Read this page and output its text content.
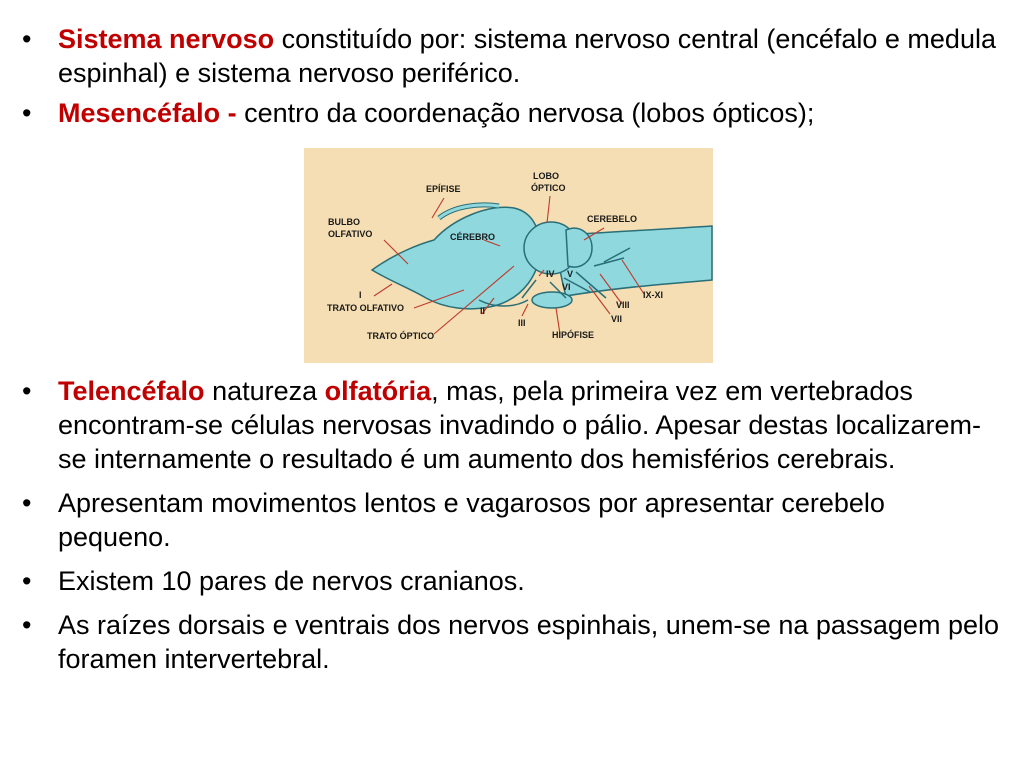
• Sistema nervoso constituído por: sistema nervoso central (encéfalo e medula espinhal) e sistema nervoso periférico.
• Mesencéfalo - centro da coordenação nervosa (lobos ópticos);
EPÍFISE
LOBO
ÓPTICO
CEREBELO
BULBO
OLFATIVO	CÉREBRO
IV V
VI
IX-XI
VIII
VII
I
TRATO OLFATIVO	II
III
TRATO ÓPTICO	HIPÓFISE
• Telencéfalo natureza olfatória, mas, pela primeira vez em vertebrados encontram-se células nervosas invadindo o pálio. Apesar destas localizarem-se internamente o resultado é um aumento dos hemisférios cerebrais.
• Apresentam movimentos lentos e vagarosos por apresentar cerebelo pequeno.
• Existem 10 pares de nervos cranianos.
• As raízes dorsais e ventrais dos nervos espinhais, unem-se na passagem pelo foramen intervertebral.
